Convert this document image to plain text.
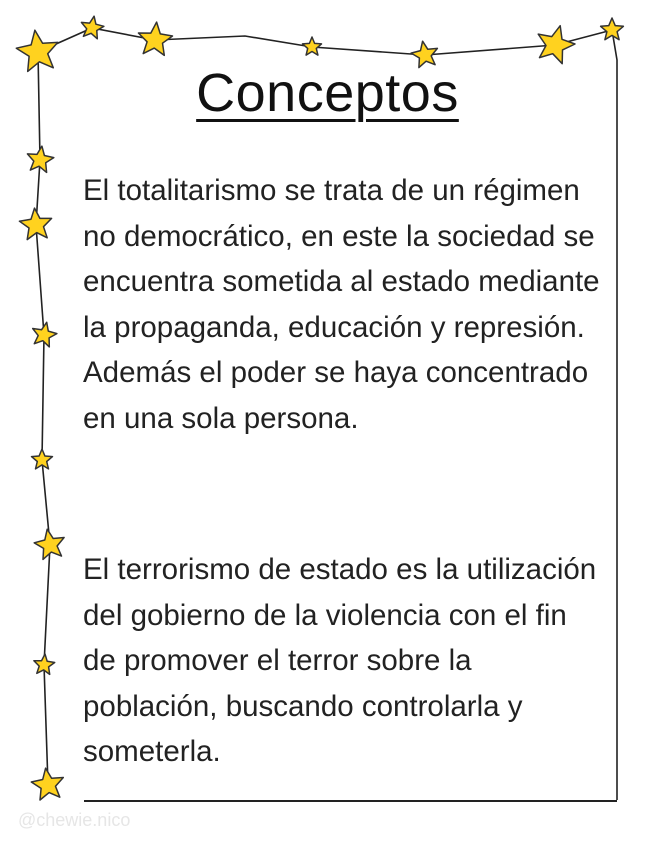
Conceptos
El totalitarismo se trata de un régimen no democrático, en este la sociedad se encuentra sometida al estado mediante la propaganda, educación y represión. Además el poder se haya concentrado en una sola persona.
El terrorismo de estado es la utilización del gobierno de la violencia con el fin de promover el terror sobre la población, buscando controlarla y someterla.
@chewie.nico
